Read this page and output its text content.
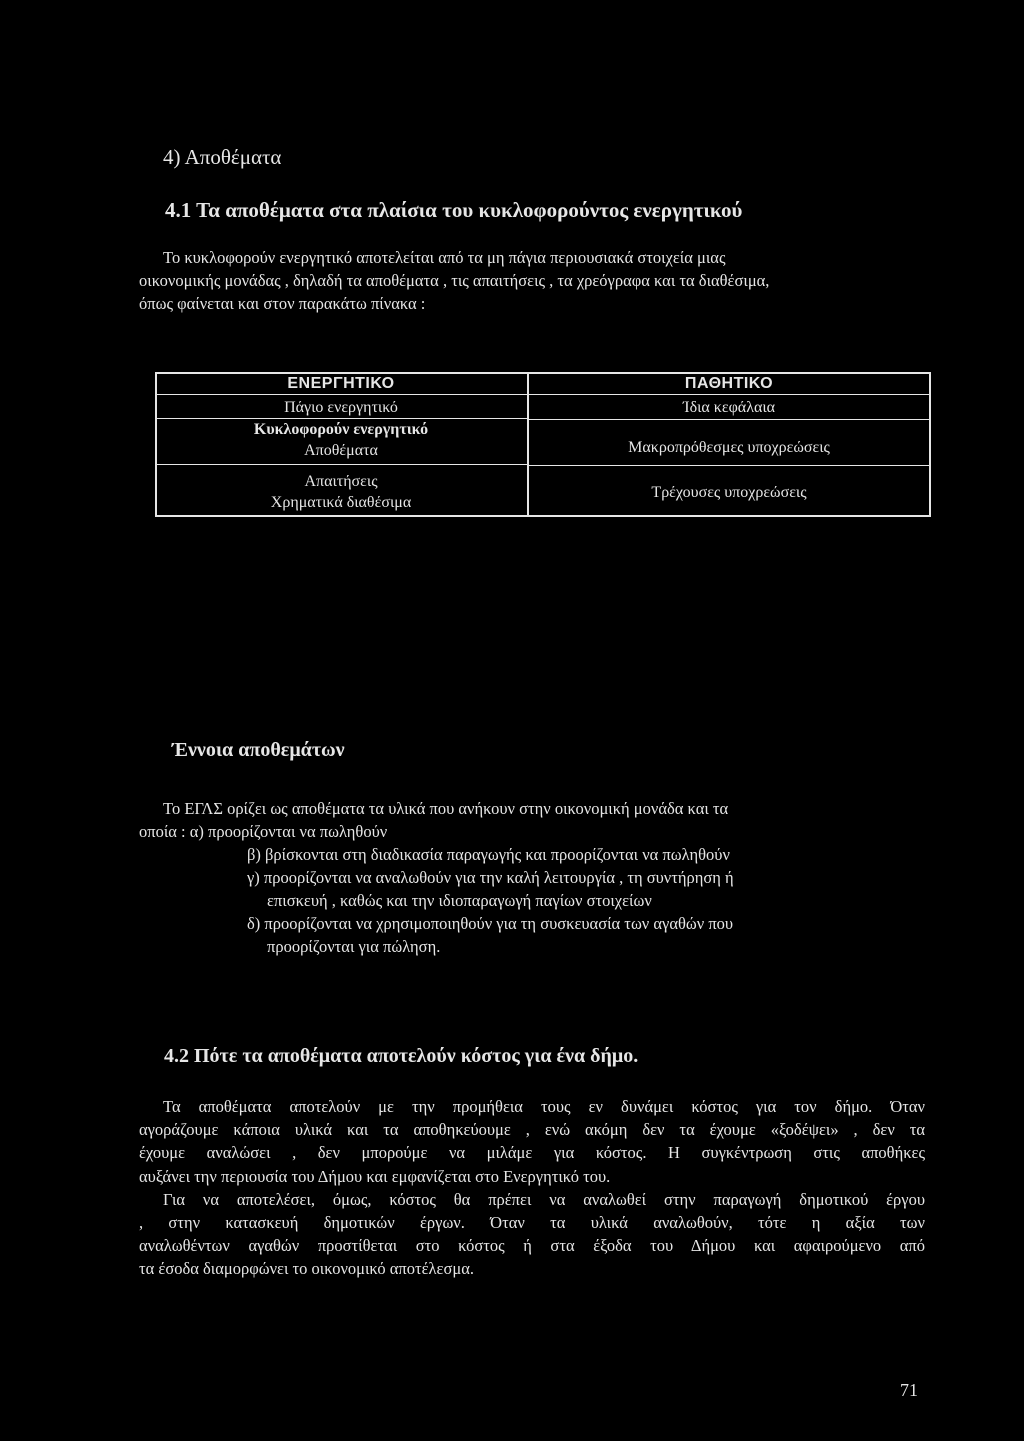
4) Αποθέματα
4.1 Τα αποθέματα στα πλαίσια του κυκλοφορούντος ενεργητικού
Το κυκλοφορούν ενεργητικό αποτελείται από τα μη πάγια περιουσιακά στοιχεία μιας
οικονομικής μονάδας , δηλαδή τα αποθέματα , τις απαιτήσεις , τα χρεόγραφα και τα διαθέσιμα,
όπως φαίνεται και στον παρακάτω πίνακα :
ΕΝΕΡΓΗΤΙΚΟ
Πάγιο ενεργητικό
Κυκλοφορούν ενεργητικό
Αποθέματα
Απαιτήσεις
Χρηματικά διαθέσιμα
ΠΑΘΗΤΙΚΟ
Ίδια κεφάλαια
Μακροπρόθεσμες υποχρεώσεις
Τρέχουσες υποχρεώσεις
Έννοια αποθεμάτων
Το ΕΓΛΣ ορίζει ως αποθέματα τα υλικά που ανήκουν στην οικονομική μονάδα και τα
οποία : α) προορίζονται να πωληθούν
β) βρίσκονται στη διαδικασία παραγωγής και προορίζονται να πωληθούν
γ) προορίζονται να αναλωθούν για την καλή λειτουργία , τη συντήρηση ή
επισκευή , καθώς και την ιδιοπαραγωγή παγίων στοιχείων
δ) προορίζονται να χρησιμοποιηθούν για τη συσκευασία των αγαθών που
προορίζονται για πώληση.
4.2 Πότε τα αποθέματα αποτελούν κόστος για ένα δήμο.
Τα αποθέματα αποτελούν με την προμήθεια τους εν δυνάμει κόστος για τον δήμο. Όταν
αγοράζουμε κάποια υλικά και τα αποθηκεύουμε , ενώ ακόμη δεν τα έχουμε «ξοδέψει» , δεν τα
έχουμε αναλώσει , δεν μπορούμε να μιλάμε για κόστος. Η συγκέντρωση στις αποθήκες
αυξάνει την περιουσία του Δήμου και εμφανίζεται στο Ενεργητικό του.
Για να αποτελέσει, όμως, κόστος θα πρέπει να αναλωθεί στην παραγωγή δημοτικού έργου
, στην κατασκευή δημοτικών έργων. Όταν τα υλικά αναλωθούν, τότε η αξία των
αναλωθέντων αγαθών προστίθεται στο κόστος ή στα έξοδα του Δήμου και αφαιρούμενο από
τα έσοδα διαμορφώνει το οικονομικό αποτέλεσμα.
71
